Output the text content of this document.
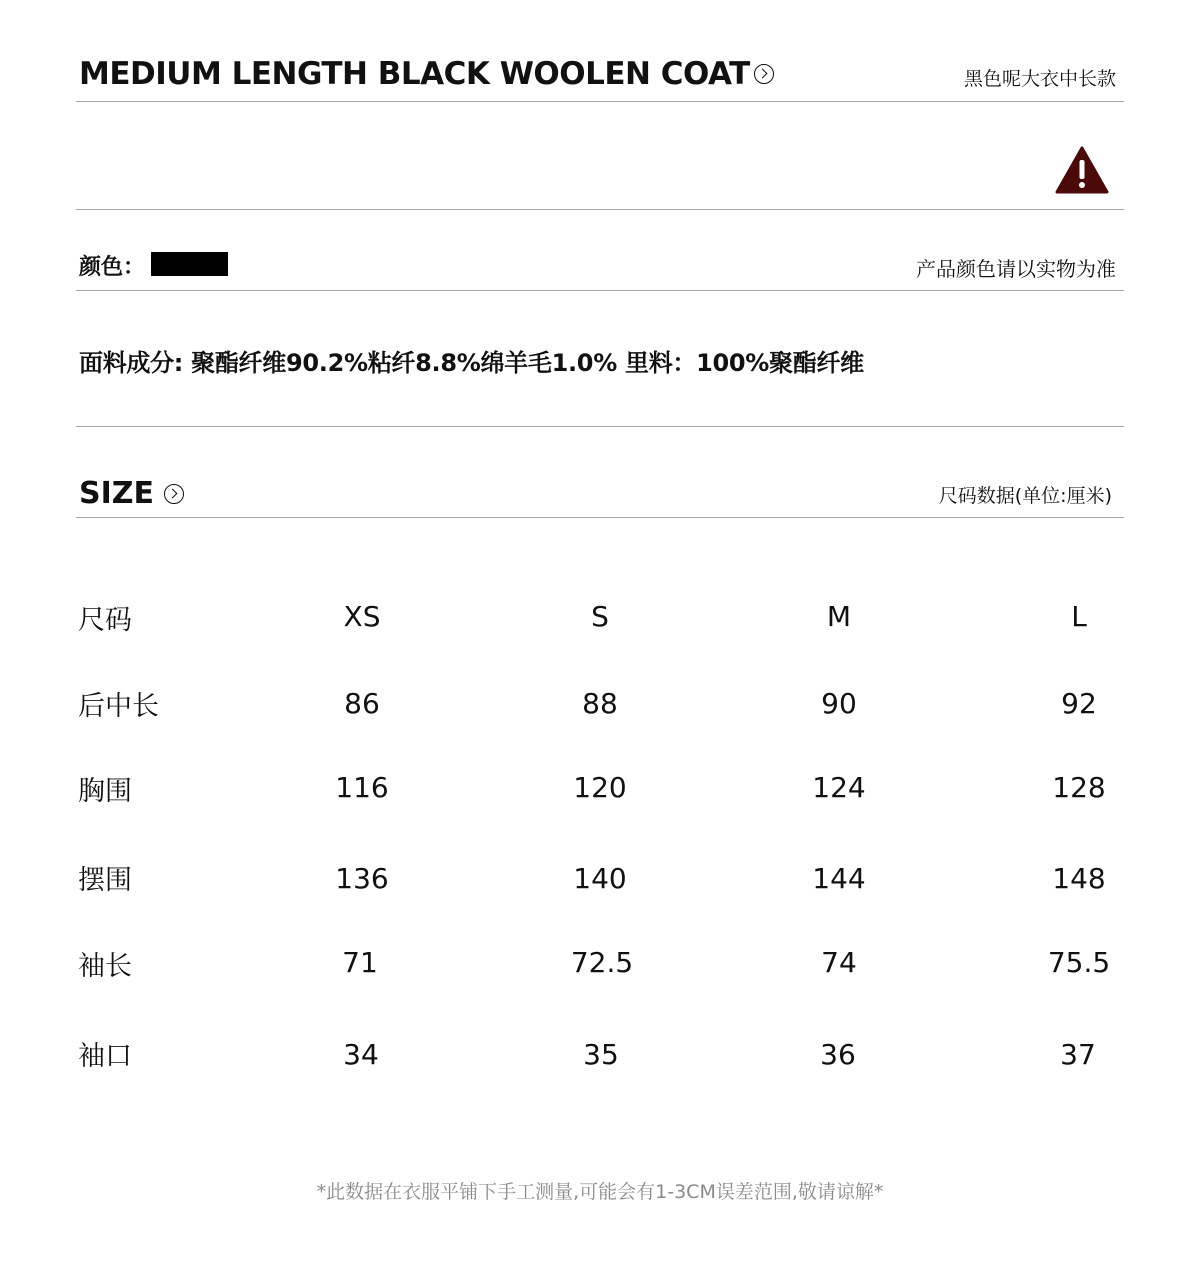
MEDIUM LENGTH BLACK WOOLEN COAT	黑色呢大衣中长款
颜色：	产品颜色请以实物为准
面料成分: 聚酯纤维90.2%粘纤8.8%绵羊毛1.0% 里料：100%聚酯纤维
SIZE	尺码数据(单位:厘米)
尺码	XS	S	M	L
后中长	86	88	90	92
胸围	116	120	124	128
摆围	136	140	144	148
袖长	71	72.5	74	75.5
袖口	34	35	36	37
*此数据在衣服平铺下手工测量,可能会有1-3CM误差范围,敬请谅解*
